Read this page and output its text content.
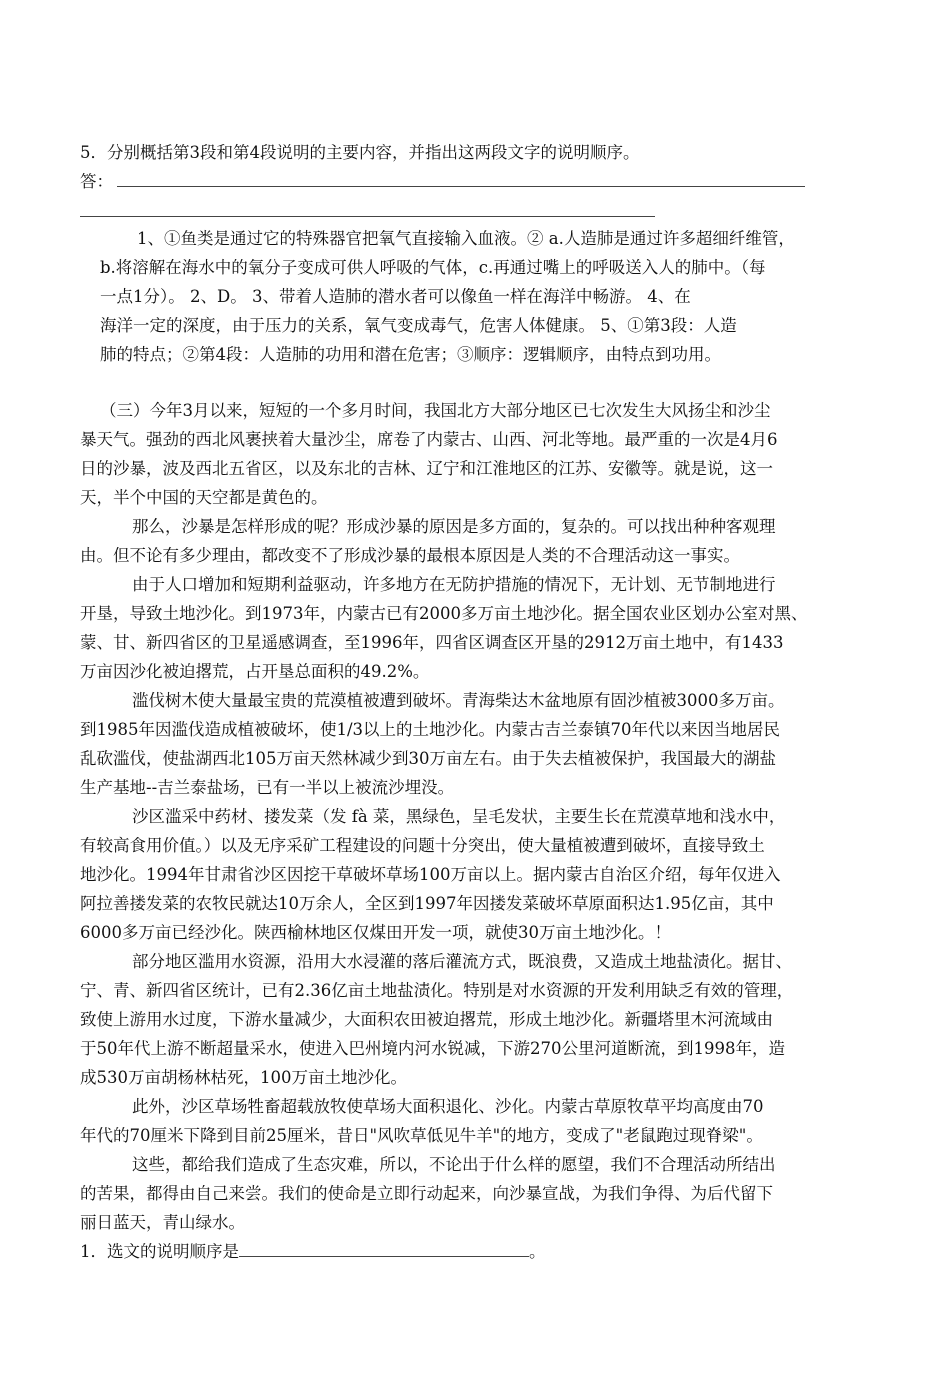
5．分别概括第3段和第4段说明的主要内容，并指出这两段文字的说明顺序。
答：
1、①鱼类是通过它的特殊器官把氧气直接输入血液。② a.人造肺是通过许多超细纤维管，
b.将溶解在海水中的氧分子变成可供人呼吸的气体，c.再通过嘴上的呼吸送入人的肺中。（每
一点1分）。 2、D。 3、带着人造肺的潜水者可以像鱼一样在海洋中畅游。 4、在
海洋一定的深度，由于压力的关系，氧气变成毒气，危害人体健康。 5、①第3段：人造
肺的特点；②第4段：人造肺的功用和潜在危害；③顺序：逻辑顺序，由特点到功用。
（三）今年3月以来，短短的一个多月时间，我国北方大部分地区已七次发生大风扬尘和沙尘
暴天气。强劲的西北风裹挟着大量沙尘，席卷了内蒙古、山西、河北等地。最严重的一次是4月6
日的沙暴，波及西北五省区，以及东北的吉林、辽宁和江淮地区的江苏、安徽等。就是说，这一
天，半个中国的天空都是黄色的。
那么，沙暴是怎样形成的呢？形成沙暴的原因是多方面的，复杂的。可以找出种种客观理
由。但不论有多少理由，都改变不了形成沙暴的最根本原因是人类的不合理活动这一事实。
由于人口增加和短期利益驱动，许多地方在无防护措施的情况下，无计划、无节制地进行
开垦，导致土地沙化。到1973年，内蒙古已有2000多万亩土地沙化。据全国农业区划办公室对黑、
蒙、甘、新四省区的卫星遥感调查，至1996年，四省区调查区开垦的2912万亩土地中，有1433
万亩因沙化被迫撂荒，占开垦总面积的49.2%。
滥伐树木使大量最宝贵的荒漠植被遭到破坏。青海柴达木盆地原有固沙植被3000多万亩。
到1985年因滥伐造成植被破坏，使1/3以上的土地沙化。内蒙古吉兰泰镇70年代以来因当地居民
乱砍滥伐，使盐湖西北105万亩天然林减少到30万亩左右。由于失去植被保护，我国最大的湖盐
生产基地--吉兰泰盐场，已有一半以上被流沙埋没。
沙区滥采中药材、搂发菜（发 fà 菜，黑绿色，呈毛发状，主要生长在荒漠草地和浅水中，
有较高食用价值。）以及无序采矿工程建设的问题十分突出，使大量植被遭到破坏，直接导致土
地沙化。1994年甘肃省沙区因挖干草破坏草场100万亩以上。据内蒙古自治区介绍，每年仅进入
阿拉善搂发菜的农牧民就达10万余人，全区到1997年因搂发菜破坏草原面积达1.95亿亩，其中
6000多万亩已经沙化。陕西榆林地区仅煤田开发一项，就使30万亩土地沙化。！
部分地区滥用水资源，沿用大水浸灌的落后灌流方式，既浪费，又造成土地盐渍化。据甘、
宁、青、新四省区统计，已有2.36亿亩土地盐渍化。特别是对水资源的开发利用缺乏有效的管理，
致使上游用水过度，下游水量减少，大面积农田被迫撂荒，形成土地沙化。新疆塔里木河流域由
于50年代上游不断超量采水，使进入巴州境内河水锐减，下游270公里河道断流，到1998年，造
成530万亩胡杨林枯死，100万亩土地沙化。
此外，沙区草场牲畜超载放牧使草场大面积退化、沙化。内蒙古草原牧草平均高度由70
年代的70厘米下降到目前25厘米，昔日"风吹草低见牛羊"的地方，变成了"老鼠跑过现脊梁"。
这些，都给我们造成了生态灾难，所以，不论出于什么样的愿望，我们不合理活动所结出
的苦果，都得由自己来尝。我们的使命是立即行动起来，向沙暴宣战，为我们争得、为后代留下
丽日蓝天，青山绿水。
1．选文的说明顺序是	。
